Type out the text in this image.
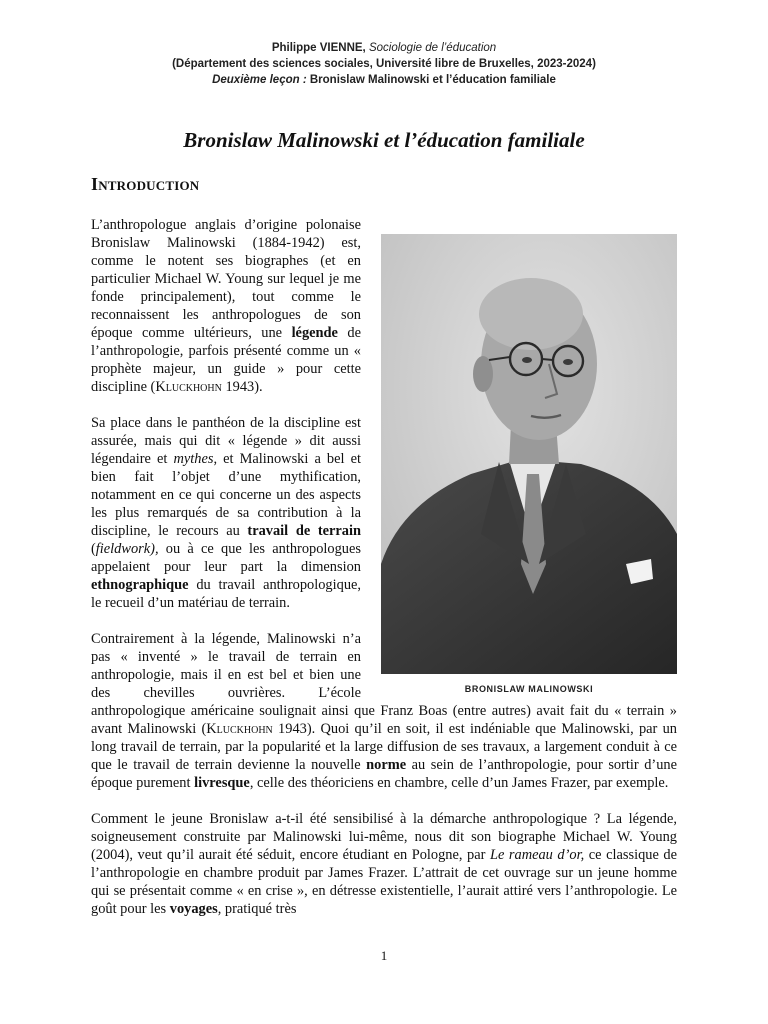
Philippe VIENNE, Sociologie de l’éducation
(Département des sciences sociales, Université libre de Bruxelles, 2023-2024)
Deuxième leçon : Bronislaw Malinowski et l’éducation familiale
Bronislaw Malinowski et l’éducation familiale
Introduction
BRONISLAW MALINOWSKI

L’anthropologue anglais d’origine polonaise Bronislaw Malinowski (1884-1942) est, comme le notent ses biographes (et en particulier Michael W. Young sur lequel je me fonde principalement), tout comme le reconnaissent les anthropologues de son époque comme ultérieurs, une légende de l’anthropologie, parfois présenté comme un « prophète majeur, un guide » pour cette discipline (Kluckhohn 1943).

Sa place dans le panthéon de la discipline est assurée, mais qui dit « légende » dit aussi légendaire et mythes, et Malinowski a bel et bien fait l’objet d’une mythification, notamment en ce qui concerne un des aspects les plus remarqués de sa contribution à la discipline, le recours au travail de terrain (fieldwork), ou à ce que les anthropologues appelaient pour leur part la dimension ethnographique du travail anthropologique, le recueil d’un matériau de terrain.

Contrairement à la légende, Malinowski n’a pas « inventé » le travail de terrain en anthropologie, mais il en est bel et bien une des chevilles ouvrières. L’école anthropologique américaine soulignait ainsi que Franz Boas (entre autres) avait fait du « terrain » avant Malinowski (Kluckhohn 1943). Quoi qu’il en soit, il est indéniable que Malinowski, par un long travail de terrain, par la popularité et la large diffusion de ses travaux, a largement conduit à ce que le travail de terrain devienne la nouvelle norme au sein de l’anthropologie, pour sortir d’une époque purement livresque, celle des théoriciens en chambre, celle d’un James Frazer, par exemple.

Comment le jeune Bronislaw a-t-il été sensibilisé à la démarche anthropologique ? La légende, soigneusement construite par Malinowski lui-même, nous dit son biographe Michael W. Young (2004), veut qu’il aurait été séduit, encore étudiant en Pologne, par Le rameau d’or, ce classique de l’anthropologie en chambre produit par James Frazer. L’attrait de cet ouvrage sur un jeune homme qui se présentait comme « en crise », en détresse existentielle, l’aurait attiré vers l’anthropologie. Le goût pour les voyages, pratiqué très

1
